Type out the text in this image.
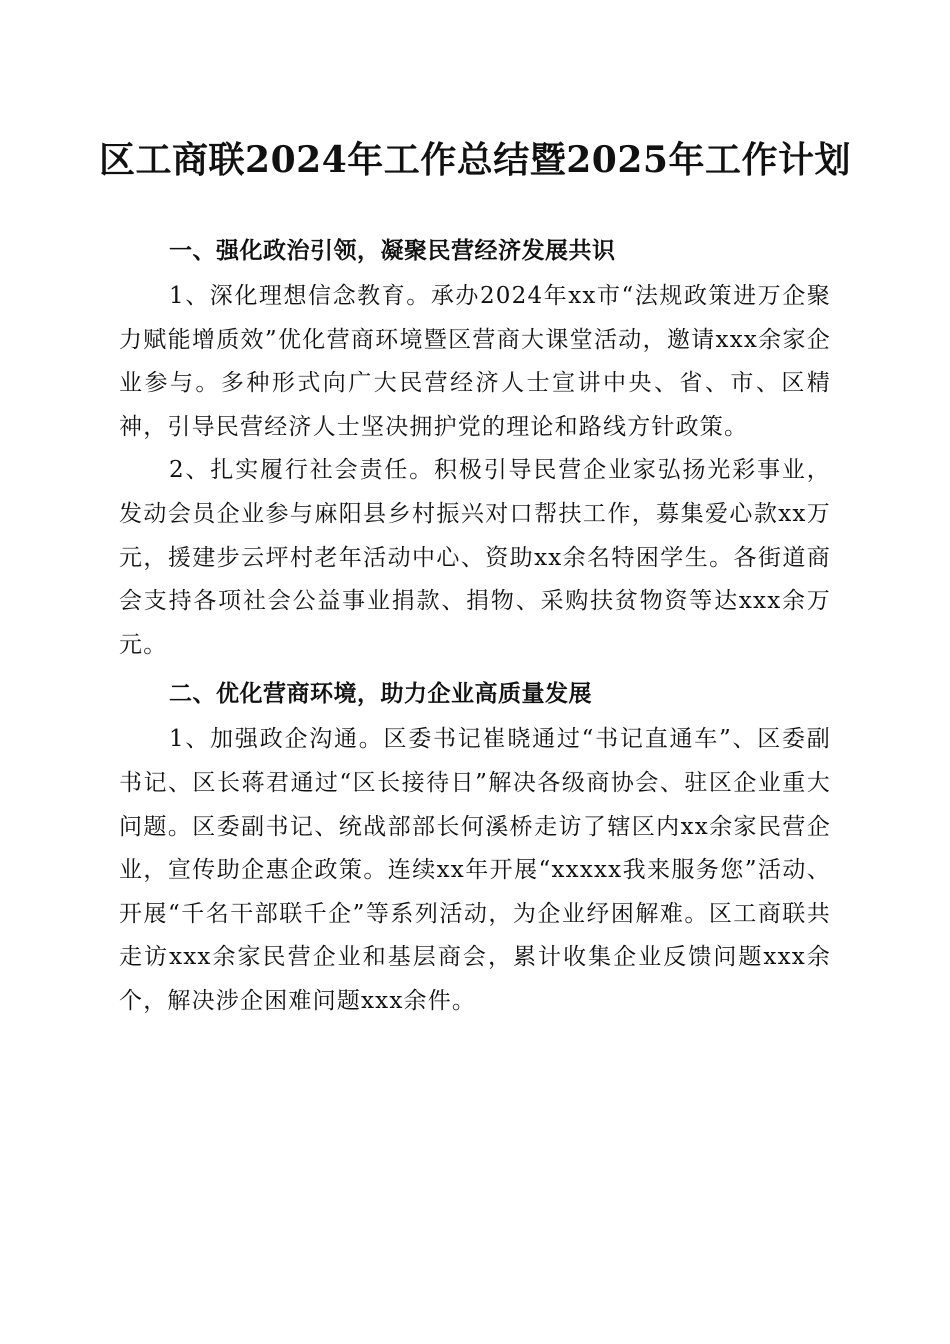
区工商联2024年工作总结暨2025年工作计划
一、强化政治引领，凝聚民营经济发展共识

1、深化理想信念教育。承办2024年xx市“法规政策进万企聚力赋能增质效”优化营商环境暨区营商大课堂活动，邀请xxx余家企业参与。多种形式向广大民营经济人士宣讲中央、省、市、区精神，引导民营经济人士坚决拥护党的理论和路线方针政策。

2、扎实履行社会责任。积极引导民营企业家弘扬光彩事业，发动会员企业参与麻阳县乡村振兴对口帮扶工作，募集爱心款xx万元，援建步云坪村老年活动中心、资助xx余名特困学生。各街道商会支持各项社会公益事业捐款、捐物、采购扶贫物资等达xxx余万元。

二、优化营商环境，助力企业高质量发展

1、加强政企沟通。区委书记崔晓通过“书记直通车”、区委副书记、区长蒋君通过“区长接待日”解决各级商协会、驻区企业重大问题。区委副书记、统战部部长何溪桥走访了辖区内xx余家民营企业，宣传助企惠企政策。连续xx年开展“xxxxx我来服务您”活动、开展“千名干部联千企”等系列活动，为企业纾困解难。区工商联共走访xxx余家民营企业和基层商会，累计收集企业反馈问题xxx余个，解决涉企困难问题xxx余件。
